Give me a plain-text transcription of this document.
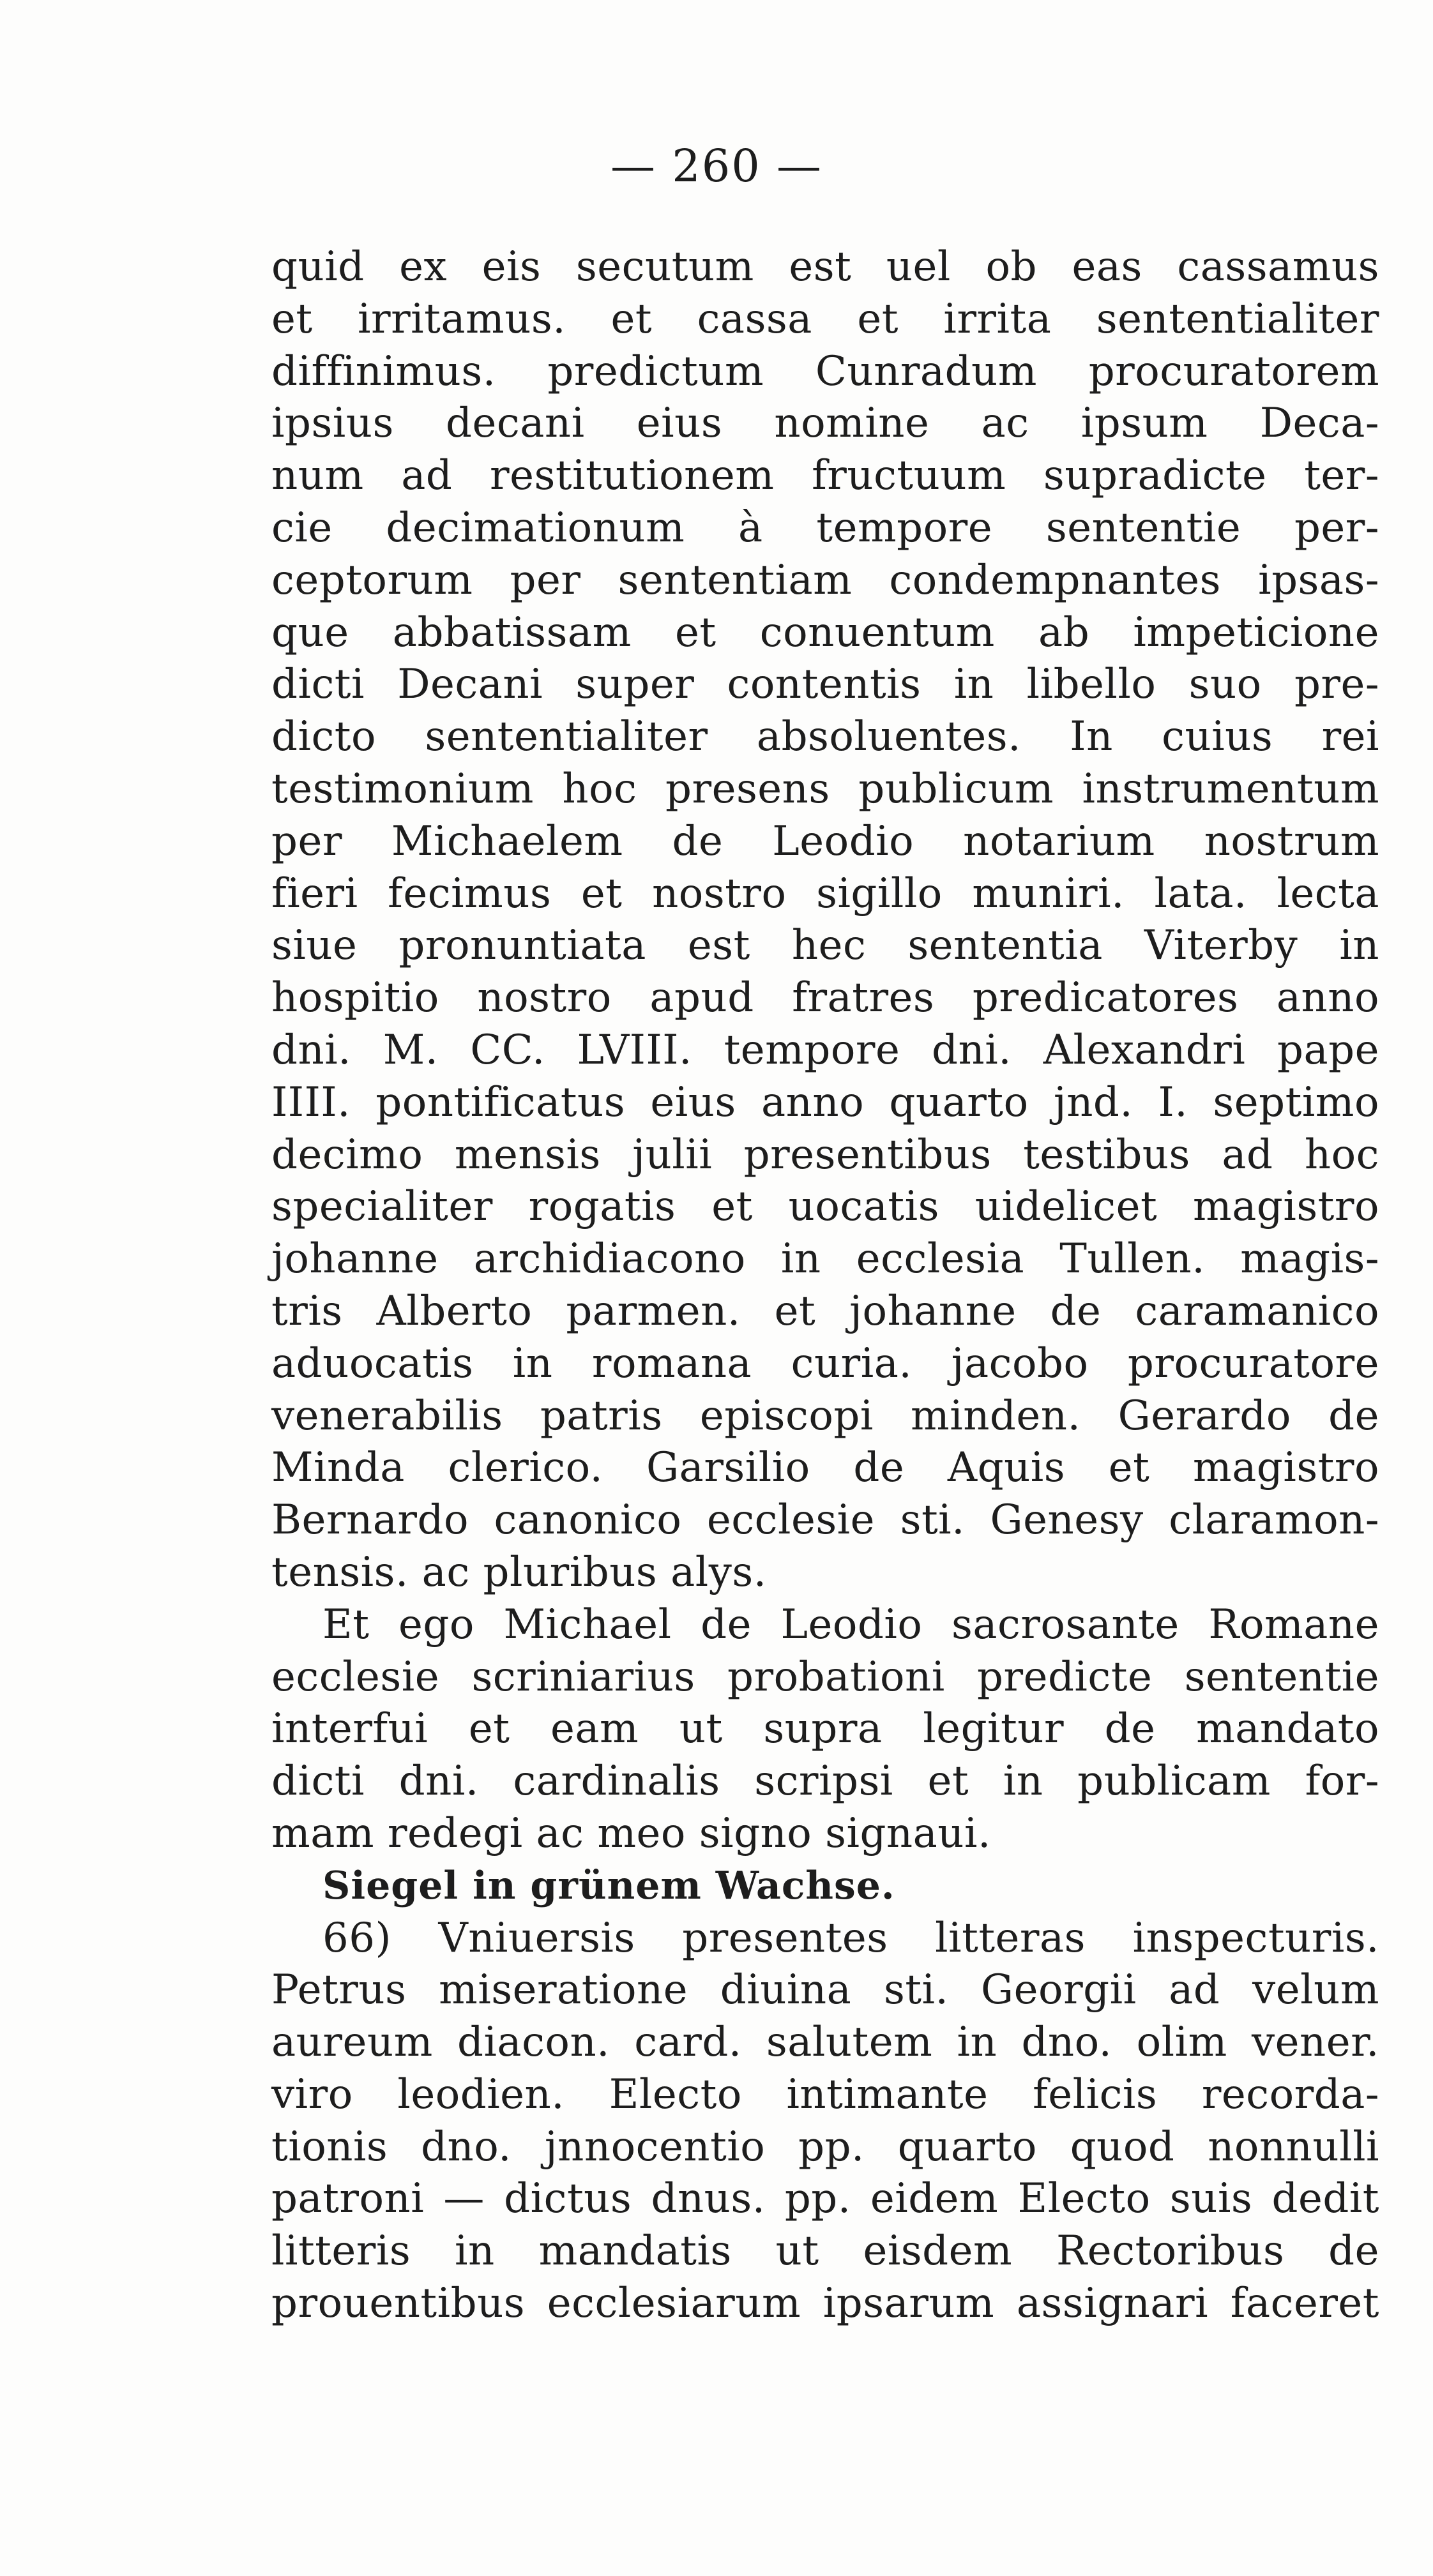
— 260 —
quid ex eis secutum est uel ob eas cassamus
et irritamus. et cassa et irrita sententialiter
diffinimus. predictum Cunradum procuratorem
ipsius decani eius nomine ac ipsum Deca-
num ad restitutionem fructuum supradicte ter-
cie decimationum à tempore sententie per-
ceptorum per sententiam condempnantes ipsas-
que abbatissam et conuentum ab impeticione
dicti Decani super contentis in libello suo pre-
dicto sententialiter absoluentes. In cuius rei
testimonium hoc presens publicum instrumentum
per Michaelem de Leodio notarium nostrum
fieri fecimus et nostro sigillo muniri. lata. lecta
siue pronuntiata est hec sententia Viterby in
hospitio nostro apud fratres predicatores anno
dni. M. CC. LVIII. tempore dni. Alexandri pape
IIII. pontificatus eius anno quarto jnd. I. septimo
decimo mensis julii presentibus testibus ad hoc
specialiter rogatis et uocatis uidelicet magistro
johanne archidiacono in ecclesia Tullen. magis-
tris Alberto parmen. et johanne de caramanico
aduocatis in romana curia. jacobo procuratore
venerabilis patris episcopi minden. Gerardo de
Minda clerico. Garsilio de Aquis et magistro
Bernardo canonico ecclesie sti. Genesy claramon-
tensis. ac pluribus alys.
Et ego Michael de Leodio sacrosante Romane
ecclesie scriniarius probationi predicte sententie
interfui et eam ut supra legitur de mandato
dicti dni. cardinalis scripsi et in publicam for-
mam redegi ac meo signo signaui.
Siegel in grünem Wachse.
66) Vniuersis presentes litteras inspecturis.
Petrus miseratione diuina sti. Georgii ad velum
aureum diacon. card. salutem in dno. olim vener.
viro leodien. Electo intimante felicis recorda-
tionis dno. jnnocentio pp. quarto quod nonnulli
patroni — dictus dnus. pp. eidem Electo suis dedit
litteris in mandatis ut eisdem Rectoribus de
prouentibus ecclesiarum ipsarum assignari faceret
